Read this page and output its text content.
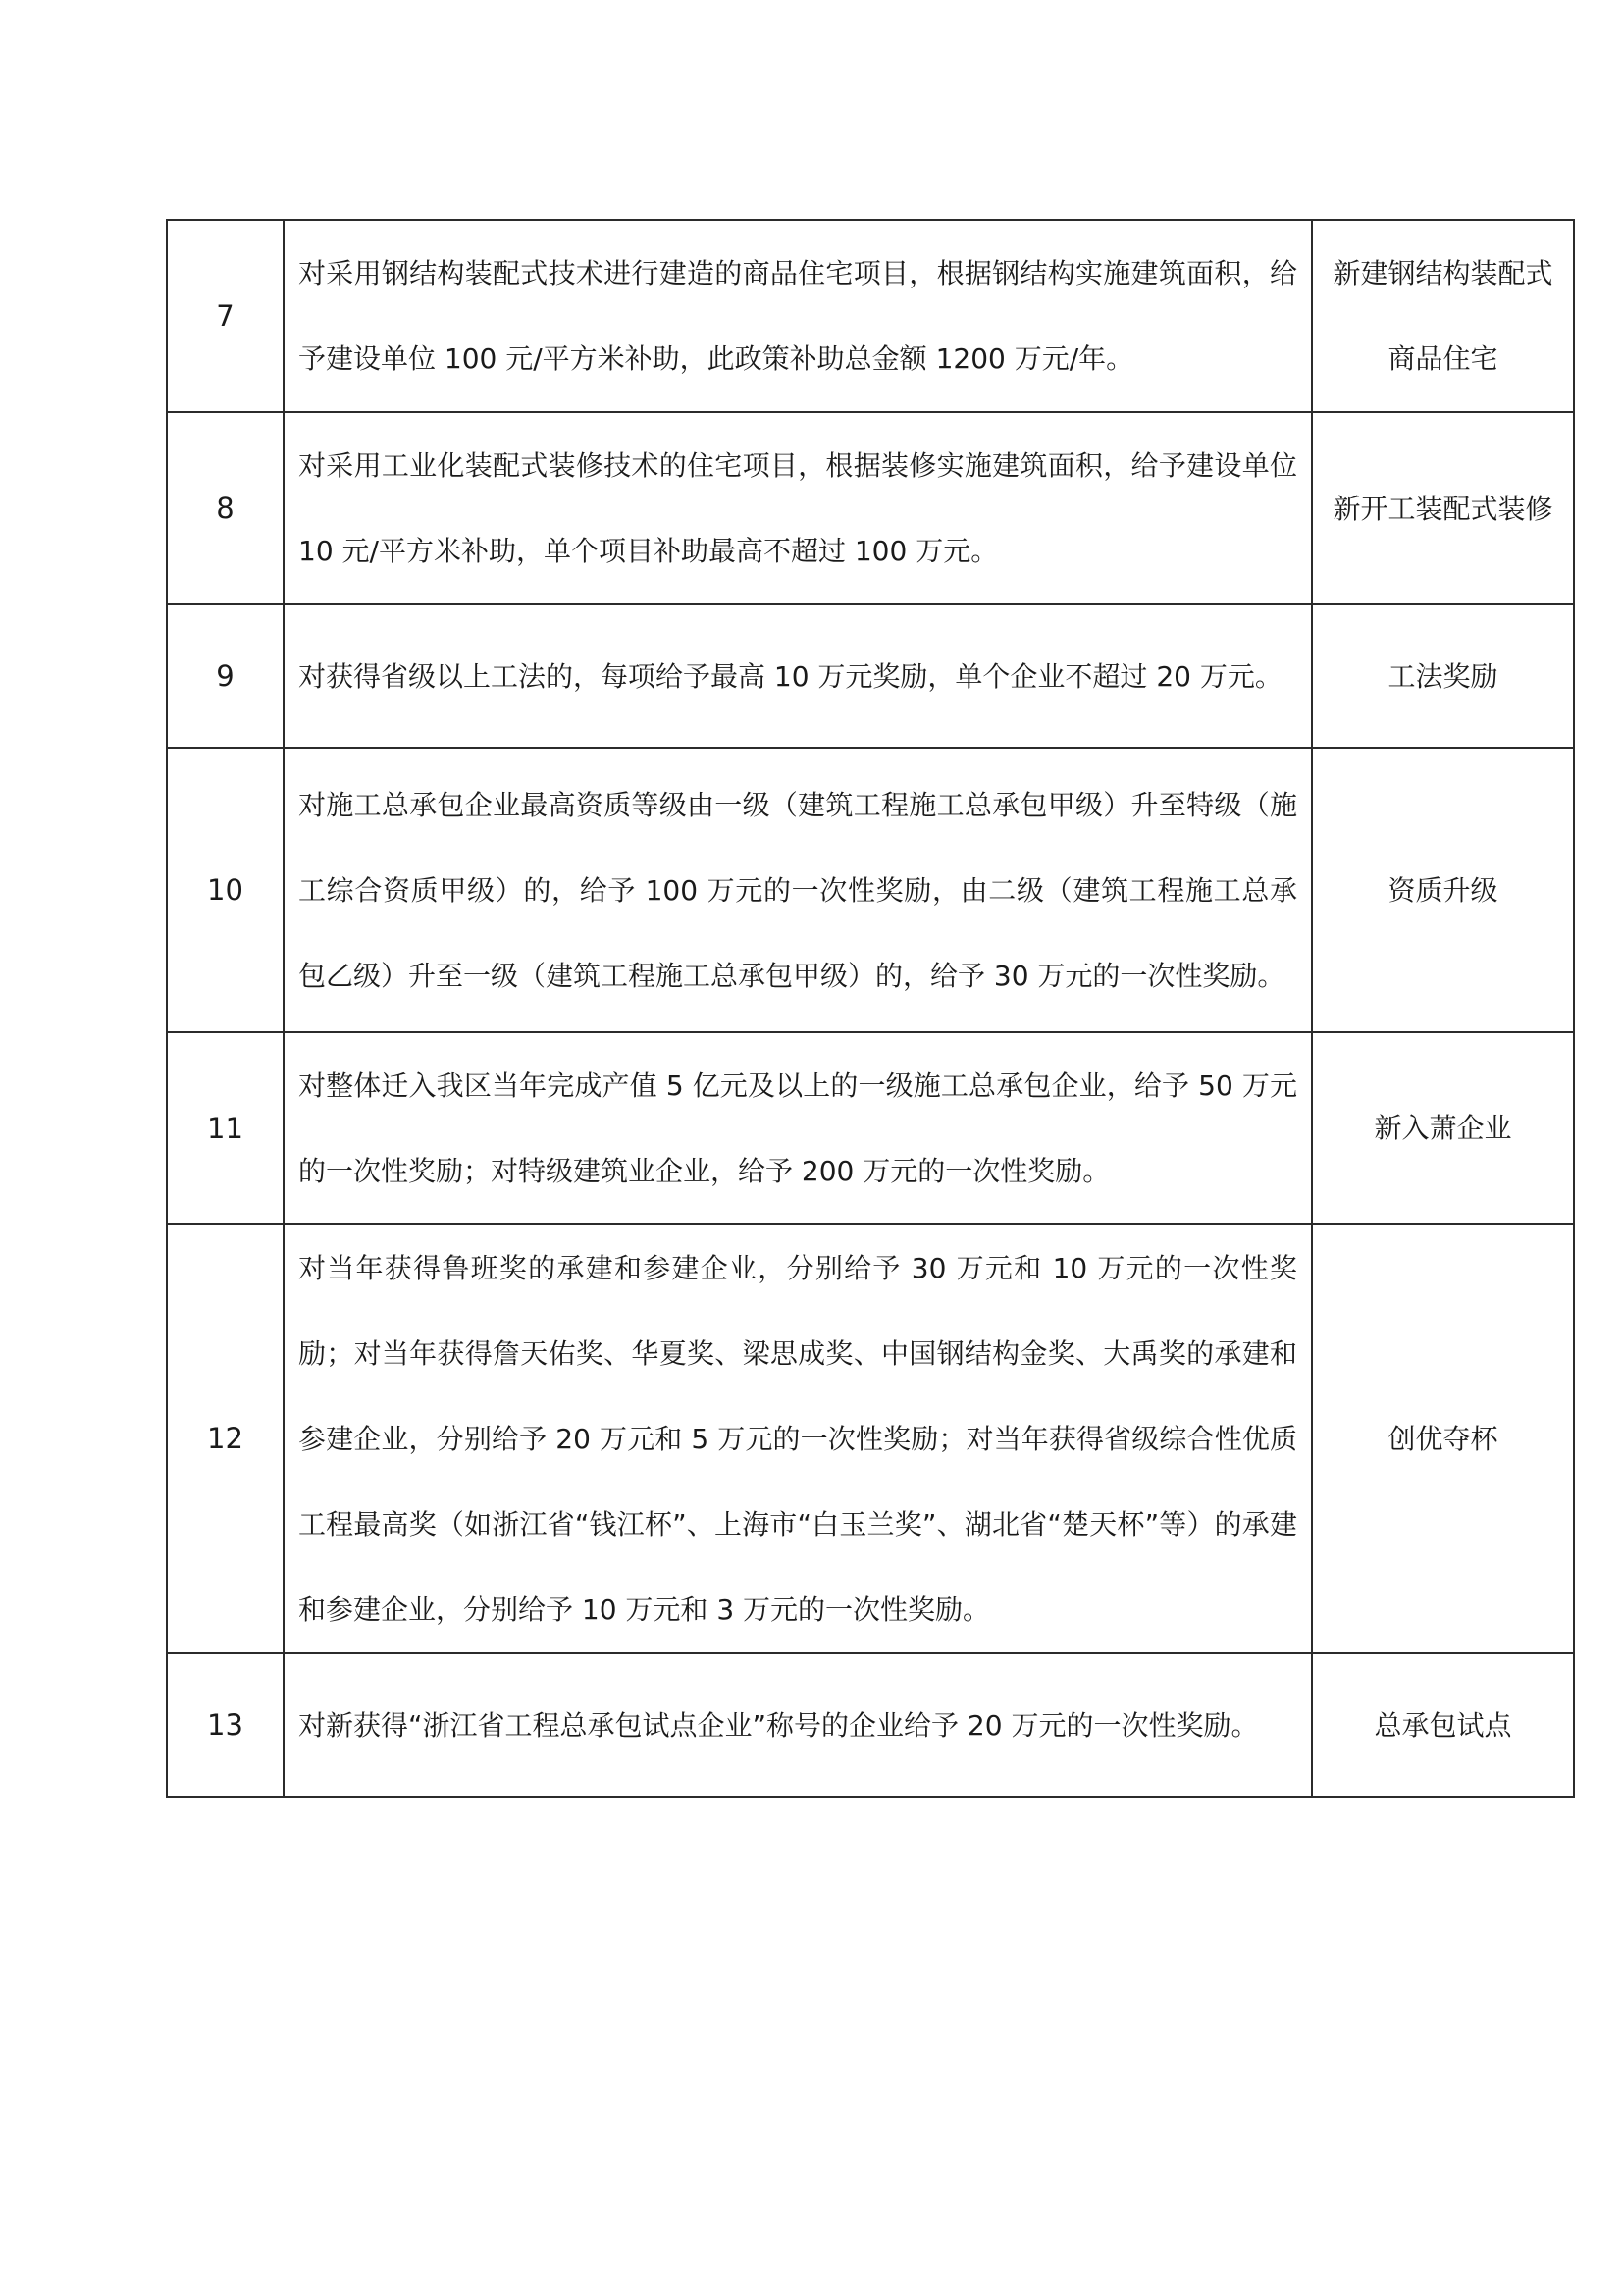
7	对采用钢结构装配式技术进行建造的商品住宅项目，根据钢结构实施建筑面积，给予建设单位 100 元/平方米补助，此政策补助总金额 1200 万元/年。	新建钢结构装配式商品住宅
8	对采用工业化装配式装修技术的住宅项目，根据装修实施建筑面积，给予建设单位 10 元/平方米补助，单个项目补助最高不超过 100 万元。	新开工装配式装修
9	对获得省级以上工法的，每项给予最高 10 万元奖励，单个企业不超过 20 万元。	工法奖励
10	对施工总承包企业最高资质等级由一级（建筑工程施工总承包甲级）升至特级（施工综合资质甲级）的，给予 100 万元的一次性奖励，由二级（建筑工程施工总承包乙级）升至一级（建筑工程施工总承包甲级）的，给予 30 万元的一次性奖励。	资质升级
11	对整体迁入我区当年完成产值 5 亿元及以上的一级施工总承包企业，给予 50 万元的一次性奖励；对特级建筑业企业，给予 200 万元的一次性奖励。	新入萧企业
12	对当年获得鲁班奖的承建和参建企业，分别给予 30 万元和 10 万元的一次性奖励；对当年获得詹天佑奖、华夏奖、梁思成奖、中国钢结构金奖、大禹奖的承建和参建企业，分别给予 20 万元和 5 万元的一次性奖励；对当年获得省级综合性优质工程最高奖（如浙江省“钱江杯”、上海市“白玉兰奖”、湖北省“楚天杯”等）的承建和参建企业，分别给予 10 万元和 3 万元的一次性奖励。	创优夺杯
13	对新获得“浙江省工程总承包试点企业”称号的企业给予 20 万元的一次性奖励。	总承包试点
